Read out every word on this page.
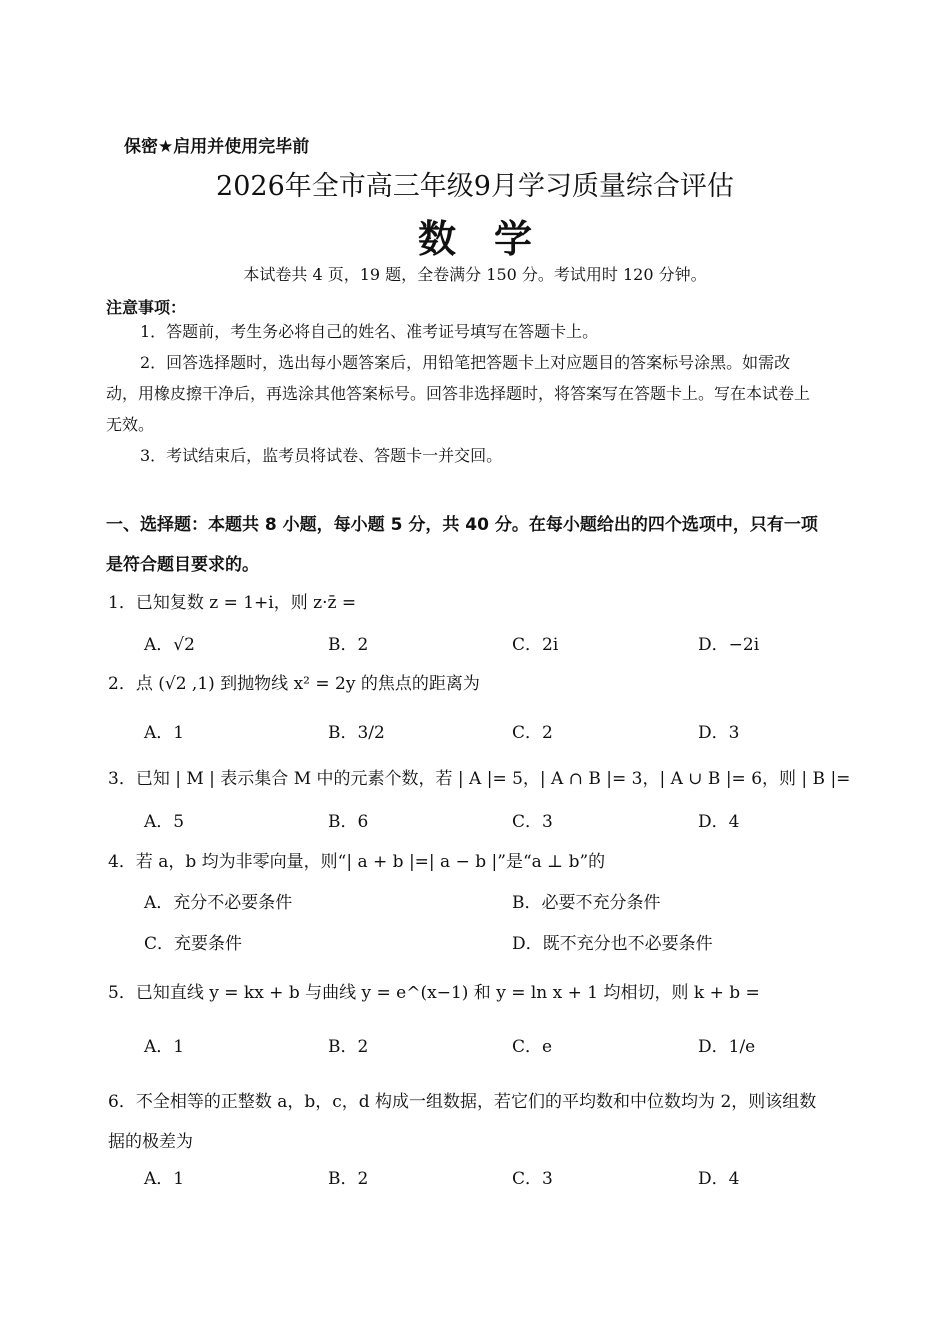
保密★启用并使用完毕前
2026年全市高三年级9月学习质量综合评估
数　学
本试卷共 4 页，19 题，全卷满分 150 分。考试用时 120 分钟。
注意事项：

1．答题前，考生务必将自己的姓名、准考证号填写在答题卡上。

2．回答选择题时，选出每小题答案后，用铅笔把答题卡上对应题目的答案标号涂黑。如需改动，用橡皮擦干净后，再选涂其他答案标号。回答非选择题时，将答案写在答题卡上。写在本试卷上无效。

3．考试结束后，监考员将试卷、答题卡一并交回。

一、选择题：本题共 8 小题，每小题 5 分，共 40 分。在每小题给出的四个选项中，只有一项是符合题目要求的。
1．已知复数 z = 1+i，则 z·z̄ =
A．√2	B．2	C．2i	D．−2i
2．点 (√2 ,1) 到抛物线 x² = 2y 的焦点的距离为
A．1	B．3/2	C．2	D．3
3．已知 | M | 表示集合 M 中的元素个数，若 | A |= 5，| A ∩ B |= 3，| A ∪ B |= 6，则 | B |=
A．5	B．6	C．3	D．4
4．若 a，b 均为非零向量，则“| a + b |=| a − b |”是“a ⊥ b”的
A．充分不必要条件	B．必要不充分条件
C．充要条件	D．既不充分也不必要条件
5．已知直线 y = kx + b 与曲线 y = e^(x−1) 和 y = ln x + 1 均相切，则 k + b =
A．1	B．2	C．e	D．1/e
6．不全相等的正整数 a，b，c，d 构成一组数据，若它们的平均数和中位数均为 2，则该组数据的极差为
A．1	B．2	C．3	D．4
